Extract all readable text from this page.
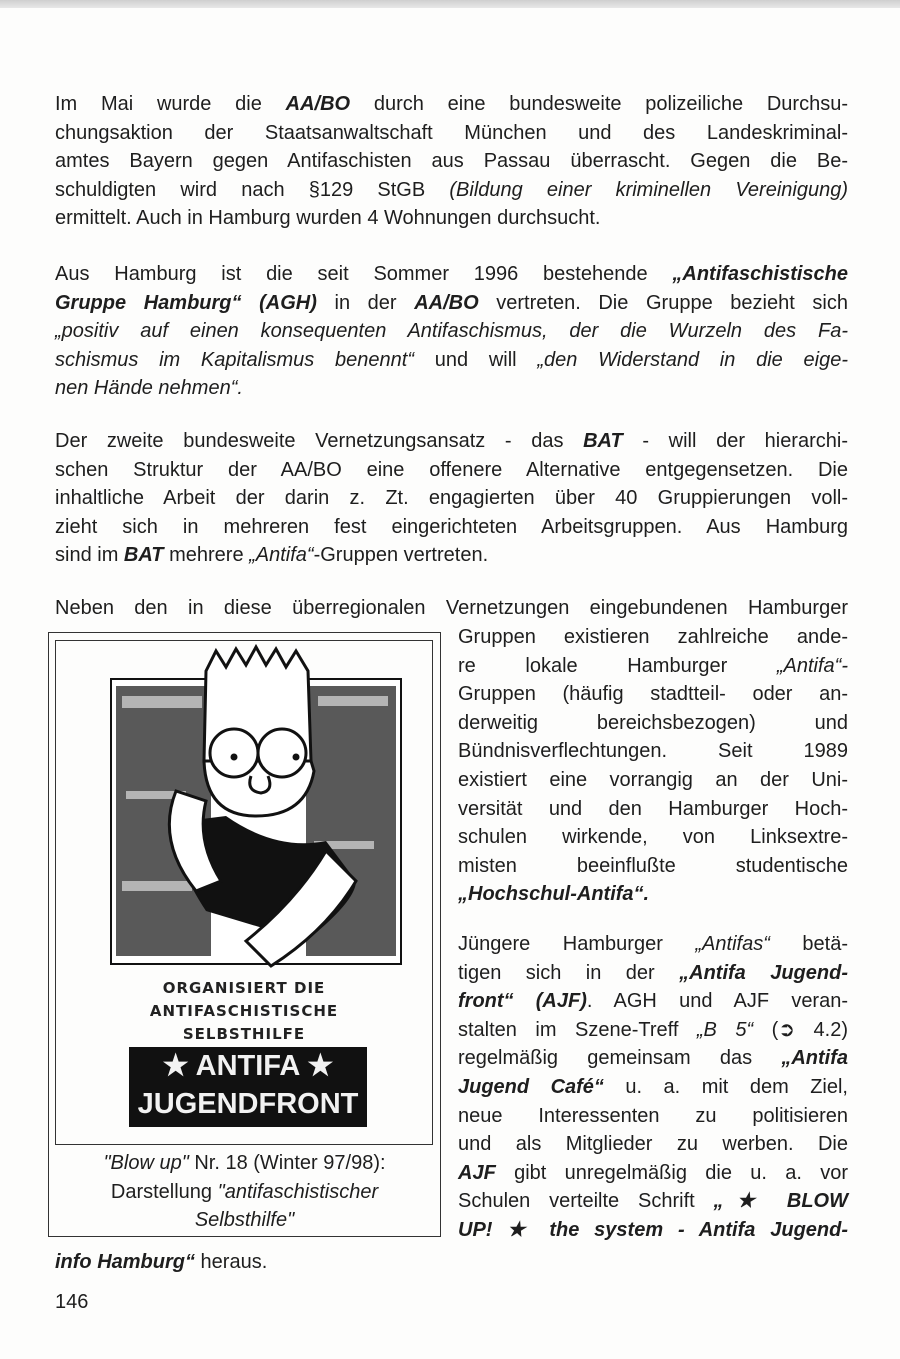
Im Mai wurde die AA/BO durch eine bundesweite polizeiliche Durchsu-
chungsaktion der Staatsanwaltschaft München und des Landeskriminal-
amtes Bayern gegen Antifaschisten aus Passau überrascht. Gegen die Be-
schuldigten wird nach §129 StGB (Bildung einer kriminellen Vereinigung)
ermittelt. Auch in Hamburg wurden 4 Wohnungen durchsucht.
Aus Hamburg ist die seit Sommer 1996 bestehende „Antifaschistische
Gruppe Hamburg“ (AGH) in der AA/BO vertreten. Die Gruppe bezieht sich
„positiv auf einen konsequenten Antifaschismus, der die Wurzeln des Fa-
schismus im Kapitalismus benennt“ und will „den Widerstand in die eige-
nen Hände nehmen“.
Der zweite bundesweite Vernetzungsansatz - das BAT - will der hierarchi-
schen Struktur der AA/BO eine offenere Alternative entgegensetzen. Die
inhaltliche Arbeit der darin z. Zt. engagierten über 40 Gruppierungen voll-
zieht sich in mehreren fest eingerichteten Arbeitsgruppen. Aus Hamburg
sind im BAT mehrere „Antifa“-Gruppen vertreten.
Neben den in diese überregionalen Vernetzungen eingebundenen Hamburger
Gruppen existieren zahlreiche ande-
re lokale Hamburger „Antifa“-
Gruppen (häufig stadtteil- oder an-
derweitig bereichsbezogen) und
Bündnisverflechtungen. Seit 1989
existiert eine vorrangig an der Uni-
versität und den Hamburger Hoch-
schulen wirkende, von Linksextre-
misten beeinflußte studentische
„Hochschul-Antifa“.
Jüngere Hamburger „Antifas“ betä-
tigen sich in der „Antifa Jugend-
front“ (AJF). AGH und AJF veran-
stalten im Szene-Treff „B 5“ (➲ 4.2)
regelmäßig gemeinsam das „Antifa
Jugend Café“ u. a. mit dem Ziel,
neue Interessenten zu politisieren
und als Mitglieder zu werben. Die
AJF gibt unregelmäßig die u. a. vor
Schulen verteilte Schrift „★ BLOW
UP! ★ the system - Antifa Jugend-
info Hamburg“ heraus.
ORGANISIERT DIE
ANTIFASCHISTISCHE
SELBSTHILFE
★ ANTIFA ★
JUGENDFRONT
"Blow up" Nr. 18 (Winter 97/98):
Darstellung "antifaschistischer
Selbsthilfe"
146
